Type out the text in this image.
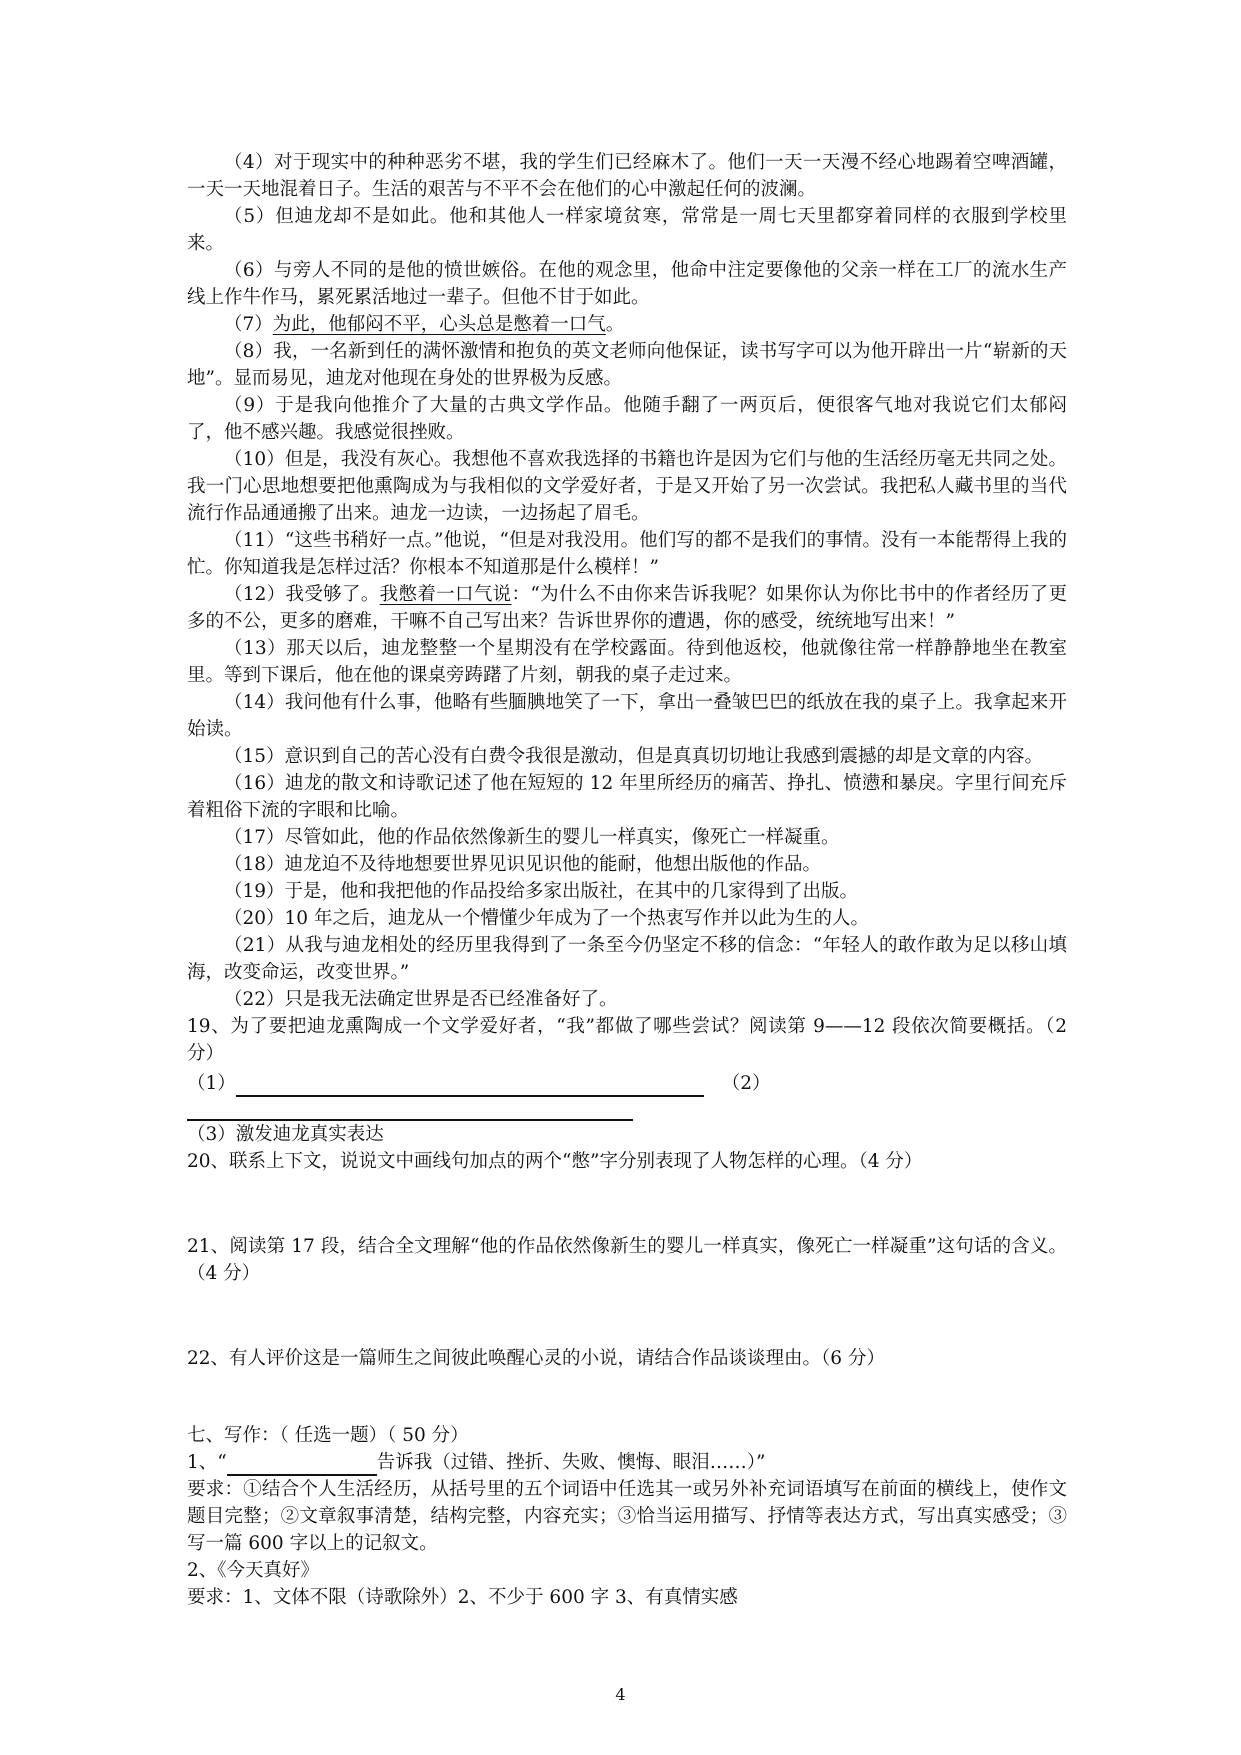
（4）对于现实中的种种恶劣不堪，我的学生们已经麻木了。他们一天一天漫不经心地踢着空啤酒罐，一天一天地混着日子。生活的艰苦与不平不会在他们的心中激起任何的波澜。

（5）但迪龙却不是如此。他和其他人一样家境贫寒，常常是一周七天里都穿着同样的衣服到学校里来。

（6）与旁人不同的是他的愤世嫉俗。在他的观念里，他命中注定要像他的父亲一样在工厂的流水生产线上作牛作马，累死累活地过一辈子。但他不甘于如此。

（7）为此，他郁闷不平，心头总是憋着一口气。

（8）我，一名新到任的满怀激情和抱负的英文老师向他保证，读书写字可以为他开辟出一片“崭新的天地”。显而易见，迪龙对他现在身处的世界极为反感。

（9）于是我向他推介了大量的古典文学作品。他随手翻了一两页后，便很客气地对我说它们太郁闷了，他不感兴趣。我感觉很挫败。

（10）但是，我没有灰心。我想他不喜欢我选择的书籍也许是因为它们与他的生活经历毫无共同之处。我一门心思地想要把他熏陶成为与我相似的文学爱好者，于是又开始了另一次尝试。我把私人藏书里的当代流行作品通通搬了出来。迪龙一边读，一边扬起了眉毛。

（11）“这些书稍好一点。”他说，“但是对我没用。他们写的都不是我们的事情。没有一本能帮得上我的忙。你知道我是怎样过活？你根本不知道那是什么模样！”

（12）我受够了。我憋着一口气说：“为什么不由你来告诉我呢？如果你认为你比书中的作者经历了更多的不公，更多的磨难，干嘛不自己写出来？告诉世界你的遭遇，你的感受，统统地写出来！”

（13）那天以后，迪龙整整一个星期没有在学校露面。待到他返校，他就像往常一样静静地坐在教室里。等到下课后，他在他的课桌旁踌躇了片刻，朝我的桌子走过来。

（14）我问他有什么事，他略有些腼腆地笑了一下，拿出一叠皱巴巴的纸放在我的桌子上。我拿起来开始读。

（15）意识到自己的苦心没有白费令我很是激动，但是真真切切地让我感到震撼的却是文章的内容。

（16）迪龙的散文和诗歌记述了他在短短的 12 年里所经历的痛苦、挣扎、愤懑和暴戾。字里行间充斥着粗俗下流的字眼和比喻。

（17）尽管如此，他的作品依然像新生的婴儿一样真实，像死亡一样凝重。

（18）迪龙迫不及待地想要世界见识见识他的能耐，他想出版他的作品。

（19）于是，他和我把他的作品投给多家出版社，在其中的几家得到了出版。

（20）10 年之后，迪龙从一个懵懂少年成为了一个热衷写作并以此为生的人。

（21）从我与迪龙相处的经历里我得到了一条至今仍坚定不移的信念：“年轻人的敢作敢为足以移山填海，改变命运，改变世界。”

（22）只是我无法确定世界是否已经准备好了。

19、为了要把迪龙熏陶成一个文学爱好者，“我”都做了哪些尝试？阅读第 9——12 段依次简要概括。（2 分）

（1）	（2）

（3）激发迪龙真实表达

20、联系上下文，说说文中画线句加点的两个“憋”字分别表现了人物怎样的心理。（4 分）

21、阅读第 17 段，结合全文理解“他的作品依然像新生的婴儿一样真实，像死亡一样凝重”这句话的含义。（4 分）

22、有人评价这是一篇师生之间彼此唤醒心灵的小说，请结合作品谈谈理由。（6 分）

七、写作：（ 任选一题）（ 50 分）

1、“	告诉我（过错、挫折、失败、懊悔、眼泪……）”

要求：①结合个人生活经历，从括号里的五个词语中任选其一或另外补充词语填写在前面的横线上，使作文题目完整；②文章叙事清楚，结构完整，内容充实；③恰当运用描写、抒情等表达方式，写出真实感受；③写一篇 600 字以上的记叙文。

2、《今天真好》

要求：1、文体不限（诗歌除外）2、不少于 600 字 3、有真情实感

4
